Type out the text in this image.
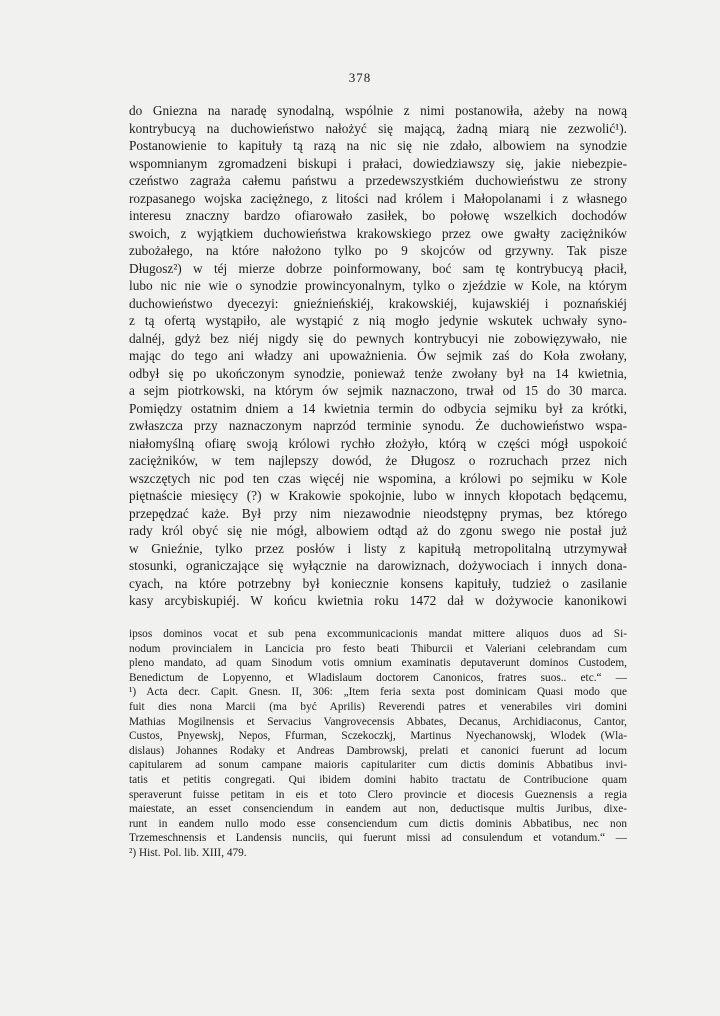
378
do Gniezna na naradę synodalną, wspólnie z nimi postanowiła, ażeby na nową
kontrybucyą na duchowieństwo nałożyć się mającą, żadną miarą nie zezwolić¹).
Postanowienie to kapituły tą razą na nic się nie zdało, albowiem na synodzie
wspomnianym zgromadzeni biskupi i prałaci, dowiedziawszy się, jakie niebezpie-
czeństwo zagraża całemu państwu a przedewszystkiém duchowieństwu ze strony
rozpasanego wojska zaciężnego, z litości nad królem i Małopolanami i z własnego
interesu znaczny bardzo ofiarowało zasiłek, bo połowę wszelkich dochodów
swoich, z wyjątkiem duchowieństwa krakowskiego przez owe gwałty zaciężników
zubożałego, na które nałożono tylko po 9 skojców od grzywny. Tak pisze
Długosz²) w téj mierze dobrze poinformowany, boć sam tę kontrybucyą płacił,
lubo nic nie wie o synodzie prowincyonalnym, tylko o zjeździe w Kole, na którym
duchowieństwo dyecezyi: gnieźnieńskiéj, krakowskiéj, kujawskiéj i poznańskiéj
z tą ofertą wystąpiło, ale wystąpić z nią mogło jedynie wskutek uchwały syno-
dalnéj, gdyż bez niéj nigdy się do pewnych kontrybucyi nie zobowięzywało, nie
mając do tego ani władzy ani upoważnienia. Ów sejmik zaś do Koła zwołany,
odbył się po ukończonym synodzie, ponieważ tenże zwołany był na 14 kwietnia,
a sejm piotrkowski, na którym ów sejmik naznaczono, trwał od 15 do 30 marca.
Pomiędzy ostatnim dniem a 14 kwietnia termin do odbycia sejmiku był za krótki,
zwłaszcza przy naznaczonym naprzód terminie synodu. Że duchowieństwo wspa-
niałomyślną ofiarę swoją królowi rychło złożyło, którą w części mógł uspokoić
zaciężników, w tem najlepszy dowód, że Długosz o rozruchach przez nich
wszczętych nic pod ten czas więcéj nie wspomina, a królowi po sejmiku w Kole
piętnaście miesięcy (?) w Krakowie spokojnie, lubo w innych kłopotach będącemu,
przepędzać każe. Był przy nim niezawodnie nieodstępny prymas, bez którego
rady król obyć się nie mógł, albowiem odtąd aż do zgonu swego nie postał już
w Gnieźnie, tylko przez posłów i listy z kapitułą metropolitalną utrzymywał
stosunki, ograniczające się wyłącznie na darowiznach, dożywociach i innych dona-
cyach, na które potrzebny był koniecznie konsens kapituły, tudzież o zasilanie
kasy arcybiskupiéj. W końcu kwietnia roku 1472 dał w dożywocie kanonikowi
ipsos dominos vocat et sub pena excommunicacionis mandat mittere aliquos duos ad Si-
nodum provincialem in Lancicia pro festo beati Thiburcii et Valeriani celebrandam cum
pleno mandato, ad quam Sinodum votis omnium examinatis deputaverunt dominos Custodem,
Benedictum de Lopyenno, et Wladislaum doctorem Canonicos, fratres suos.. etc.“ —
¹) Acta decr. Capit. Gnesn. II, 306: „Item feria sexta post dominicam Quasi modo que
fuit dies nona Marcii (ma być Aprilis) Reverendi patres et venerabiles viri domini
Mathias Mogilnensis et Servacius Vangrovecensis Abbates, Decanus, Archidiaconus, Cantor,
Custos, Pnyewskj, Nepos, Ffurman, Sczekoczkj, Martinus Nyechanowskj, Wlodek (Wla-
dislaus) Johannes Rodaky et Andreas Dambrowskj, prelati et canonici fuerunt ad locum
capitularem ad sonum campane maioris capitulariter cum dictis dominis Abbatibus invi-
tatis et petitis congregati. Qui ibidem domini habito tractatu de Contribucione quam
speraverunt fuisse petitam in eis et toto Clero provincie et diocesis Gueznensis a regia
maiestate, an esset consenciendum in eandem aut non, deductisque multis Juribus, dixe-
runt in eandem nullo modo esse consenciendum cum dictis dominis Abbatibus, nec non
Trzemeschnensis et Landensis nunciis, qui fuerunt missi ad consulendum et votandum.“ —
²) Hist. Pol. lib. XIII, 479.
